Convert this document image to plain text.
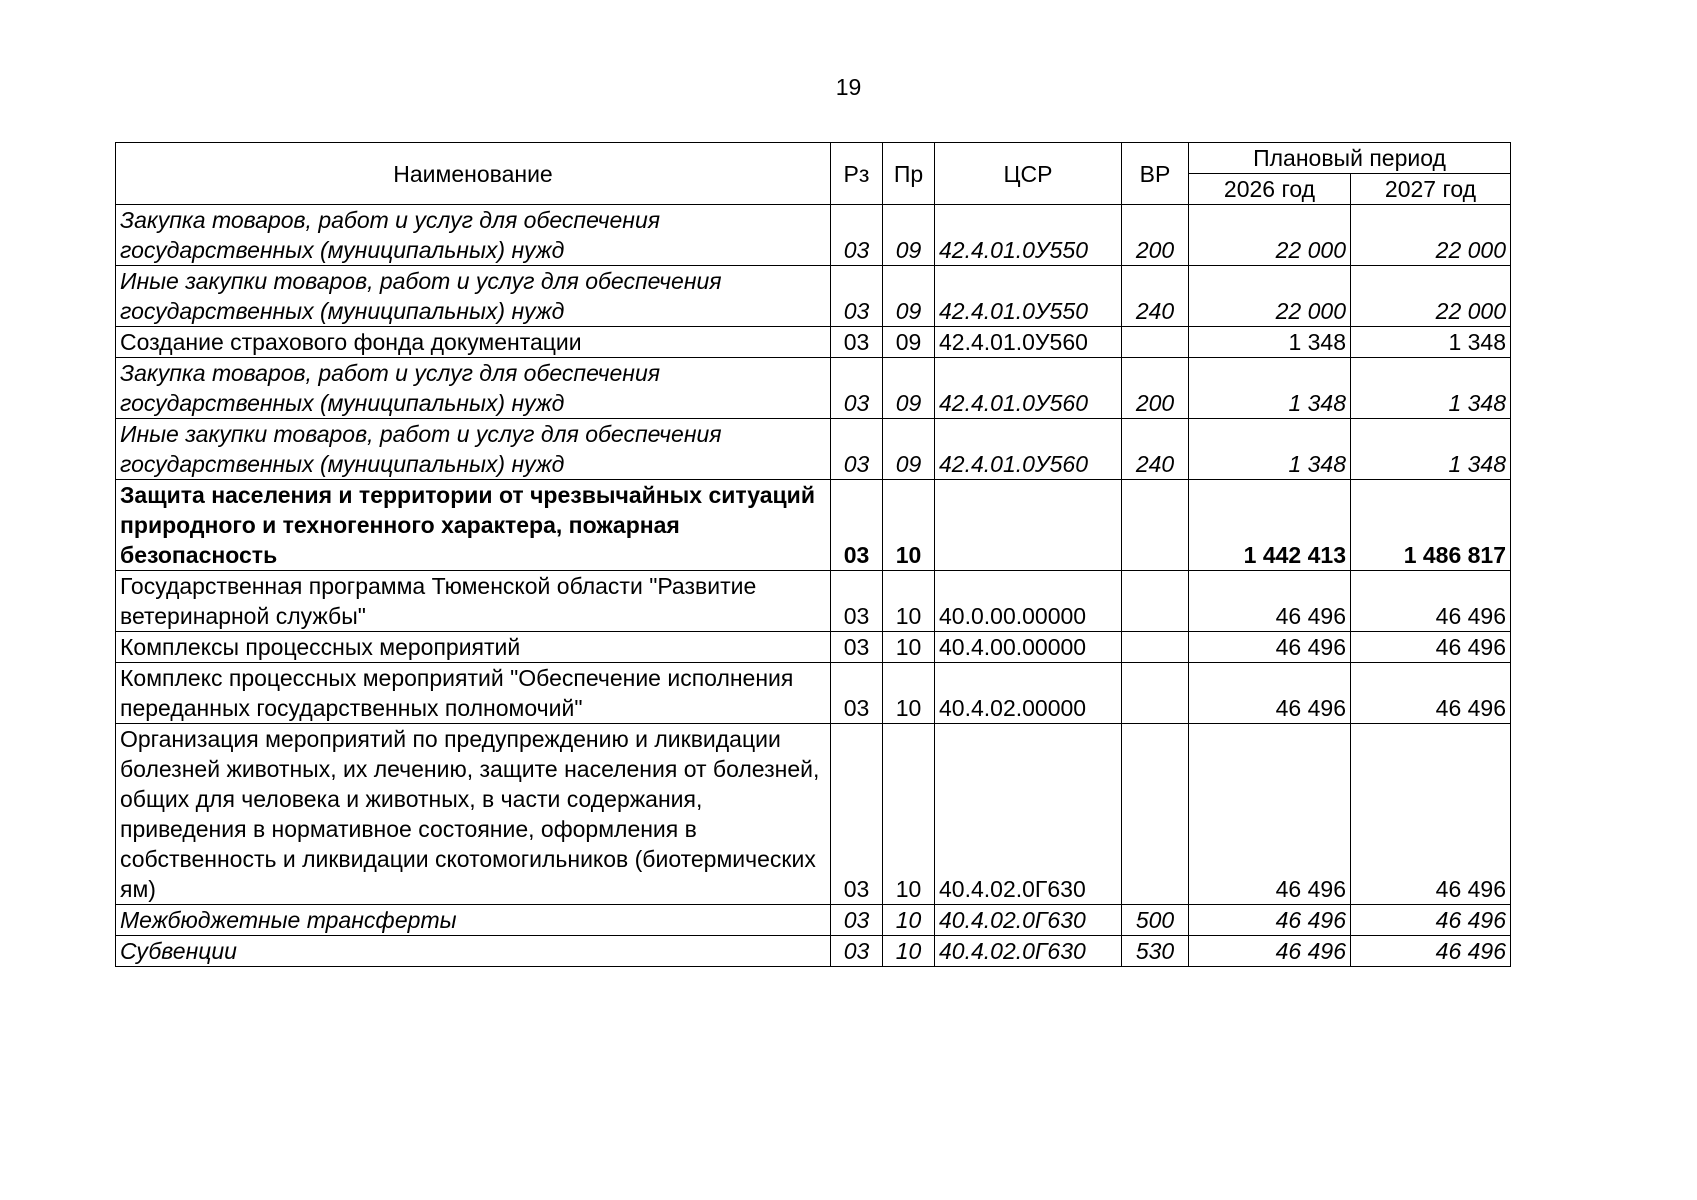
19
Наименование	Рз	Пр	ЦСР	ВР	Плановый период	
					2026 год	2027 год
Закупка товаров, работ и услуг для обеспечения государственных (муниципальных) нужд	03	09	42.4.01.0У550	200	22 000	22 000
Иные закупки товаров, работ и услуг для обеспечения государственных (муниципальных) нужд	03	09	42.4.01.0У550	240	22 000	22 000
Создание страхового фонда документации	03	09	42.4.01.0У560		1 348	1 348
Закупка товаров, работ и услуг для обеспечения государственных (муниципальных) нужд	03	09	42.4.01.0У560	200	1 348	1 348
Иные закупки товаров, работ и услуг для обеспечения государственных (муниципальных) нужд	03	09	42.4.01.0У560	240	1 348	1 348
Защита населения и территории от чрезвычайных ситуаций природного и техногенного характера, пожарная безопасность	03	10			1 442 413	1 486 817
Государственная программа Тюменской области "Развитие ветеринарной службы"	03	10	40.0.00.00000		46 496	46 496
Комплексы процессных мероприятий	03	10	40.4.00.00000		46 496	46 496
Комплекс процессных мероприятий "Обеспечение исполнения переданных государственных полномочий"	03	10	40.4.02.00000		46 496	46 496
Организация мероприятий по предупреждению и ликвидации болезней животных, их лечению, защите населения от болезней, общих для человека и животных, в части содержания, приведения в нормативное состояние, оформления в собственность и ликвидации скотомогильников (биотермических ям)	03	10	40.4.02.0Г630		46 496	46 496
Межбюджетные трансферты	03	10	40.4.02.0Г630	500	46 496	46 496
Субвенции	03	10	40.4.02.0Г630	530	46 496	46 496
